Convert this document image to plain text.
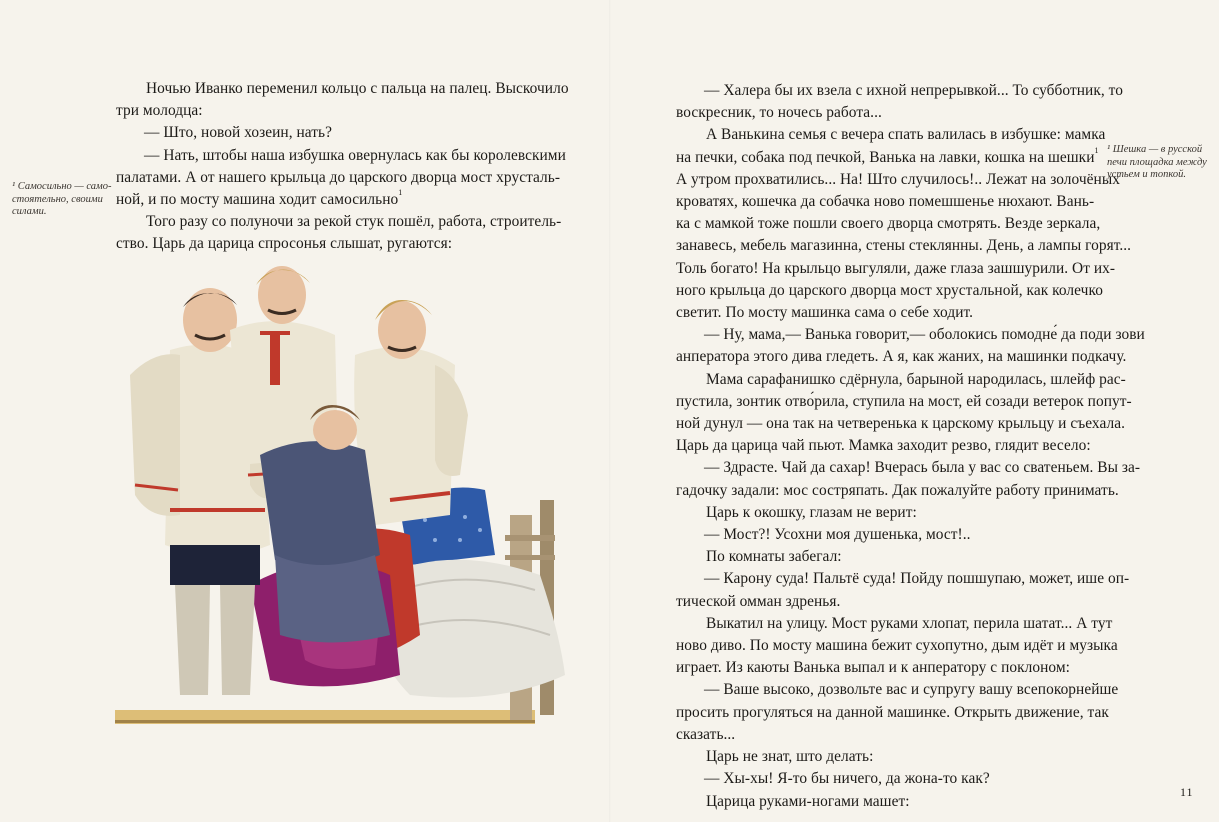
Ночью Иванко переменил кольцо с пальца на палец. Выскочило

три молодца:

— Што, новой хозеин, нать?

— Нать, штобы наша избушка овернулась как бы королевскими

палатами. А от нашего крыльца до царского дворца мост хрусталь-

ной, и по мосту машина ходит самосильно$^1$

Того разу со полуночи за рекой стук пошёл, работа, строитель-

ство. Царь да царица спросонья слышат, ругаются:

¹ Самосильно — само-

стоятельно, своими

силами.

— Халера бы их взела с ихной непрерывкой... То субботник, то

воскресник, то ночесь работа...

А Ванькина семья с вечера спать валилась в избушке: мамка

на печки, собака под печкой, Ванька на лавки, кошка на шешки$^1$

А утром прохватились... На! Што случилось!.. Лежат на золочёных

кроватях, кошечка да собачка ново помешшенье нюхают. Вань-

ка с мамкой тоже пошли своего дворца смотрять. Везде зеркала,

занавесь, мебель магазинна, стены стеклянны. День, а лампы горят...

Толь богато! На крыльцо выгуляли, даже глаза зашшурили. От их-

ного крыльца до царского дворца мост хрустальной, как колечко

светит. По мосту машинка сама о себе ходит.

— Ну, мама,— Ванька говорит,— оболокись помодне́ да поди зови

анператора этого дива гледеть. А я, как жаних, на машинки подкачу.

Мама сарафанишко сдёрнула, барыной народилась, шлейф рас-

пустила, зонтик отво́рила, ступила на мост, ей созади ветерок попут-

ной дунул — она так на четверенька к царскому крыльцу и съехала.

Царь да царица чай пьют. Мамка заходит резво, глядит весело:

— Здрасте. Чай да сахар! Вчерась была у вас со сватеньем. Вы за-

гадочку задали: мос состряпать. Дак пожалуйте работу принимать.

Царь к окошку, глазам не верит:

— Мост?! Усохни моя душенька, мост!..

По комнаты забегал:

— Карону суда! Пальтё суда! Пойду пошшупаю, может, ише оп-

тической омман здренья.

Выкатил на улицу. Мост руками хлопат, перила шатат... А тут

ново диво. По мосту машина бежит сухопутно, дым идёт и музыка

играет. Из каюты Ванька выпал и к анператору с поклоном:

— Ваше высоко, дозвольте вас и супругу вашу всепокорнейше

просить прогуляться на данной машинке. Открыть движение, так

сказать...

Царь не знат, што делать:

— Хы-хы! Я-то бы ничего, да жона-то как?

Царица руками-ногами машет:

¹ Шешка — в русской

печи площадка между

устьем и топкой.

11
